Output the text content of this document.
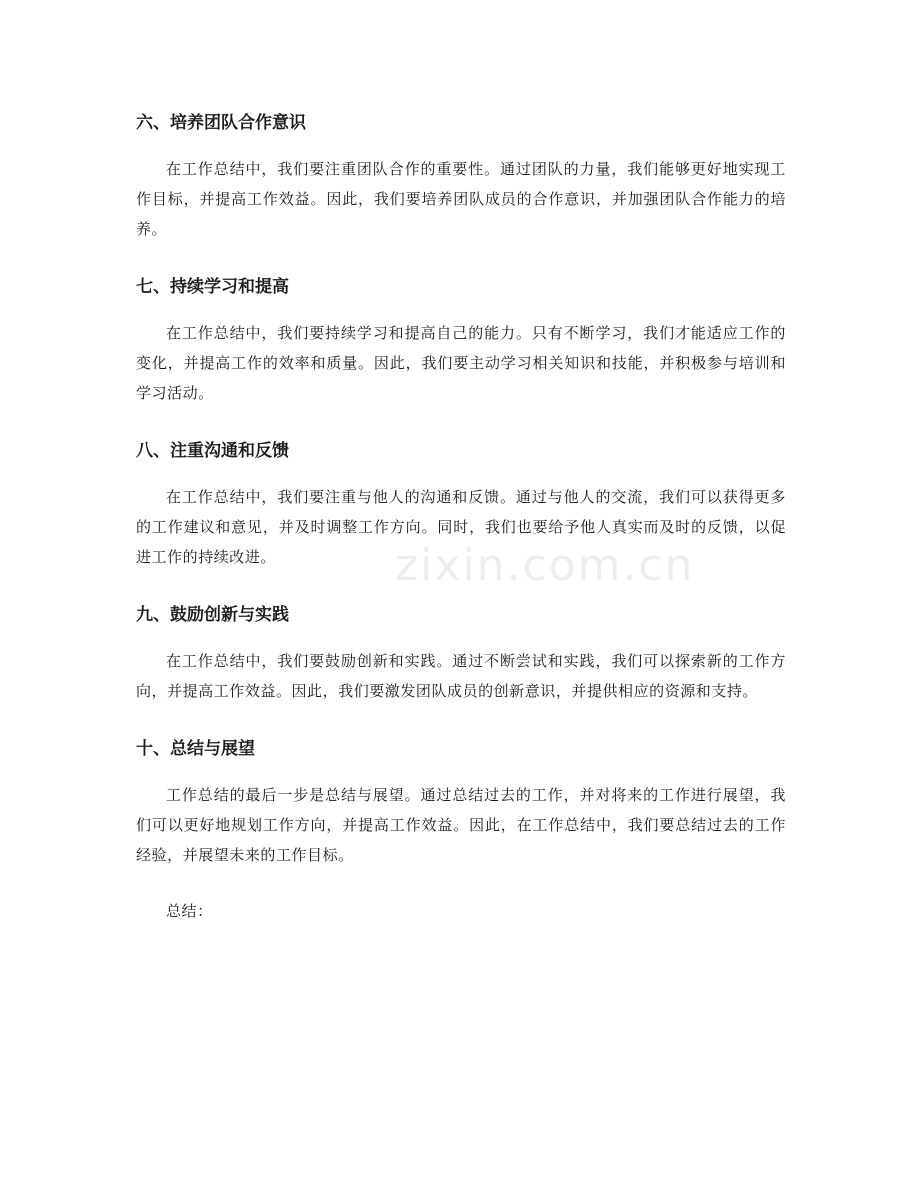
六、培养团队合作意识

在工作总结中，我们要注重团队合作的重要性。通过团队的力量，我们能够更好地实现工作目标，并提高工作效益。因此，我们要培养团队成员的合作意识，并加强团队合作能力的培养。

七、持续学习和提高

在工作总结中，我们要持续学习和提高自己的能力。只有不断学习，我们才能适应工作的变化，并提高工作的效率和质量。因此，我们要主动学习相关知识和技能，并积极参与培训和学习活动。

八、注重沟通和反馈

在工作总结中，我们要注重与他人的沟通和反馈。通过与他人的交流，我们可以获得更多的工作建议和意见，并及时调整工作方向。同时，我们也要给予他人真实而及时的反馈，以促进工作的持续改进。

九、鼓励创新与实践

在工作总结中，我们要鼓励创新和实践。通过不断尝试和实践，我们可以探索新的工作方向，并提高工作效益。因此，我们要激发团队成员的创新意识，并提供相应的资源和支持。

十、总结与展望

工作总结的最后一步是总结与展望。通过总结过去的工作，并对将来的工作进行展望，我们可以更好地规划工作方向，并提高工作效益。因此，在工作总结中，我们要总结过去的工作经验，并展望未来的工作目标。

总结：

zixin.com.cn
